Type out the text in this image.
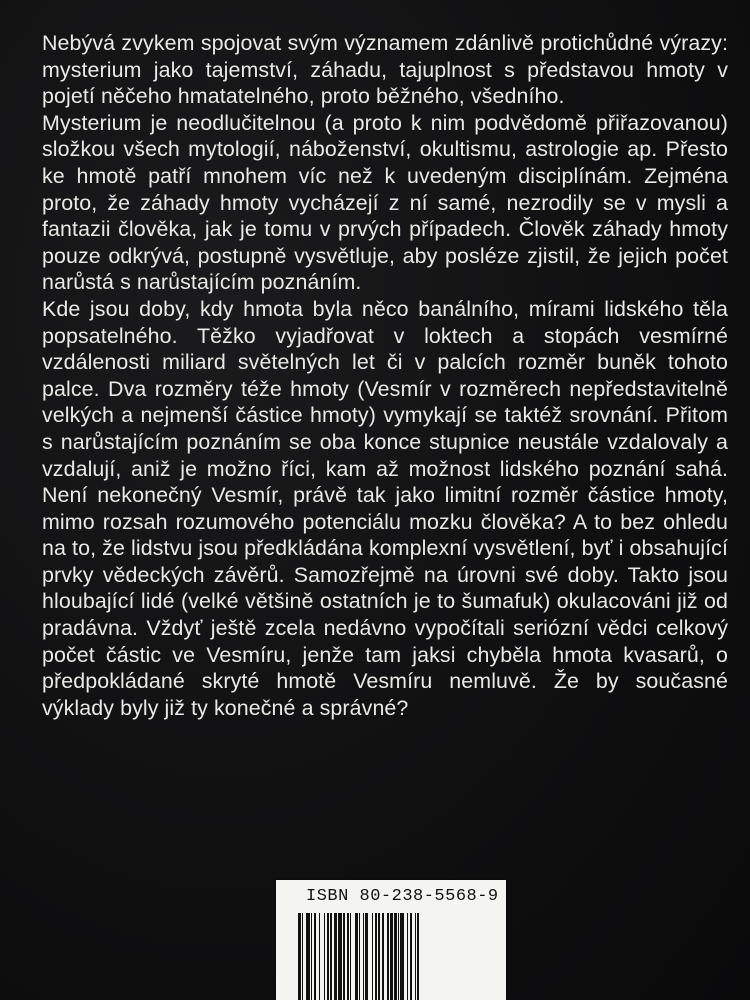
Nebývá zvykem spojovat svým významem zdánlivě protichůdné výrazy: mysterium jako tajemství, záhadu, tajuplnost s představou hmoty v pojetí něčeho hmatatelného, proto běžného, všedního.

Mysterium je neodlučitelnou (a proto k nim podvědomě přiřazovanou) složkou všech mytologií, náboženství, okultismu, astrologie ap. Přesto ke hmotě patří mnohem víc než k uvedeným disciplínám. Zejména proto, že záhady hmoty vycházejí z ní samé, nezrodily se v mysli a fantazii člověka, jak je tomu v prvých případech. Člověk záhady hmoty pouze odkrývá, postupně vysvětluje, aby posléze zjistil, že jejich počet narůstá s narůstajícím poznáním.

Kde jsou doby, kdy hmota byla něco banálního, mírami lidského těla popsatelného. Těžko vyjadřovat v loktech a stopách vesmírné vzdálenosti miliard světelných let či v palcích rozměr buněk tohoto palce. Dva rozměry téže hmoty (Vesmír v rozměrech nepředstavitelně velkých a nejmenší částice hmoty) vymykají se taktéž srovnání. Přitom s narůstajícím poznáním se oba konce stupnice neustále vzdalovaly a vzdalují, aniž je možno říci, kam až možnost lidského poznání sahá. Není nekonečný Vesmír, právě tak jako limitní rozměr částice hmoty, mimo rozsah rozumového potenciálu mozku člověka? A to bez ohledu na to, že lidstvu jsou předkládána komplexní vysvětlení, byť i obsahující prvky vědeckých závěrů. Samozřejmě na úrovni své doby. Takto jsou hloubající lidé (velké většině ostatních je to šumafuk) okulacováni již od pradávna. Vždyť ještě zcela nedávno vypočítali seriózní vědci celkový počet částic ve Vesmíru, jenže tam jaksi chyběla hmota kvasarů, o předpokládané skryté hmotě Vesmíru nemluvě. Že by současné výklady byly již ty konečné a správné?

ISBN 80-238-5568-9
